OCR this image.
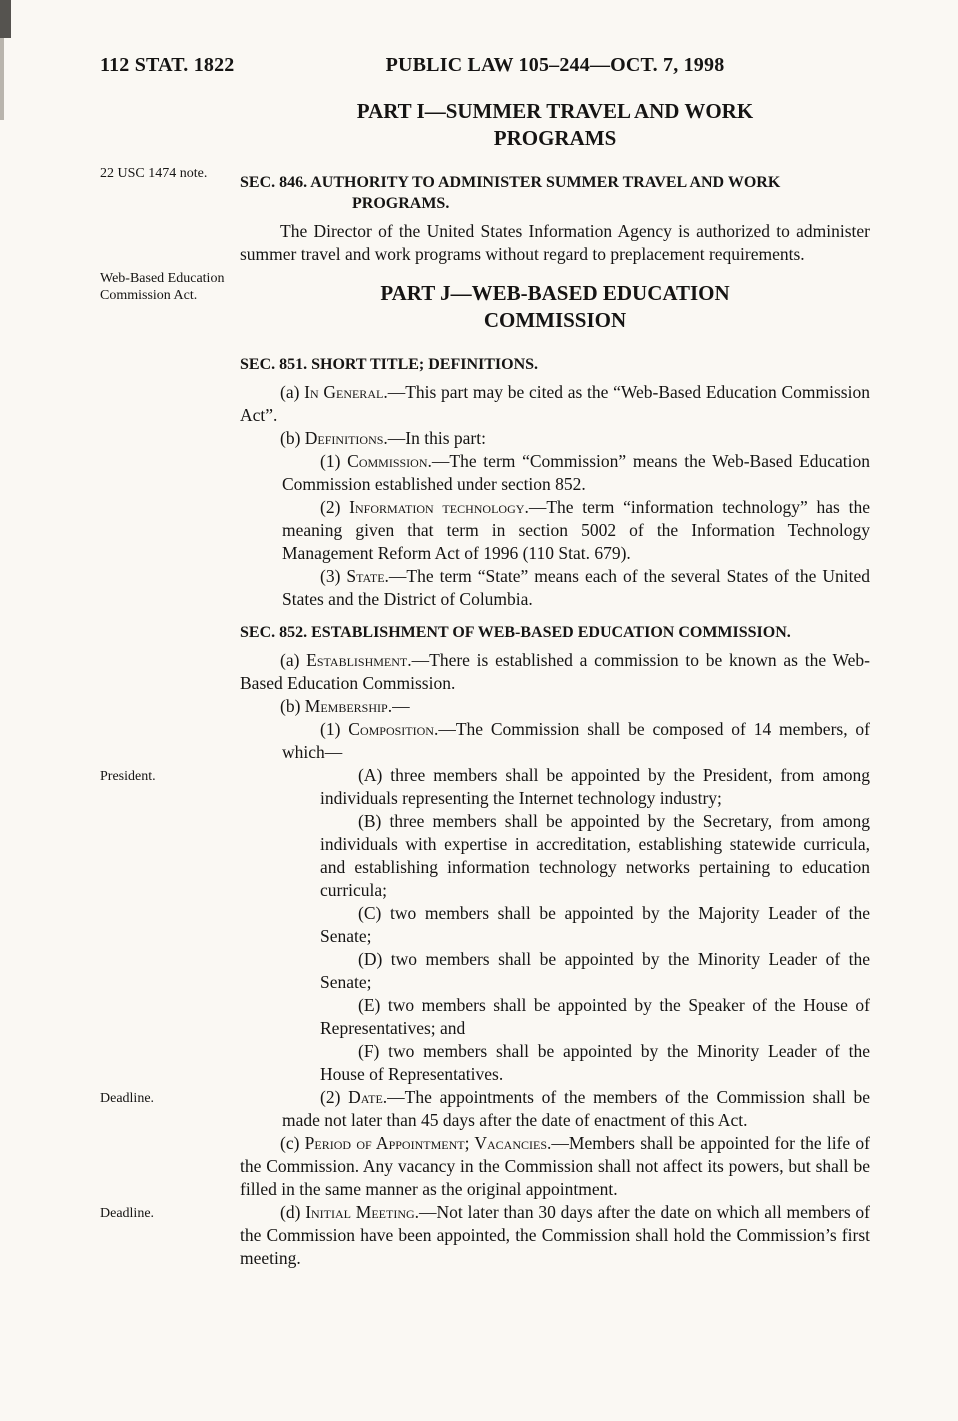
112 STAT. 1822	PUBLIC LAW 105–244—OCT. 7, 1998
PART I—SUMMER TRAVEL AND WORK
PROGRAMS
22 USC 1474 note.
SEC. 846. AUTHORITY TO ADMINISTER SUMMER TRAVEL AND WORK
PROGRAMS.
The Director of the United States Information Agency is authorized to administer summer travel and work programs without regard to preplacement requirements.
Web-Based Education Commission Act.	PART J—WEB-BASED EDUCATION
COMMISSION
SEC. 851. SHORT TITLE; DEFINITIONS.
(a) In General.—This part may be cited as the “Web-Based Education Commission Act”.
(b) Definitions.—In this part:
(1) Commission.—The term “Commission” means the Web-Based Education Commission established under section 852.
(2) Information technology.—The term “information technology” has the meaning given that term in section 5002 of the Information Technology Management Reform Act of 1996 (110 Stat. 679).
(3) State.—The term “State” means each of the several States of the United States and the District of Columbia.
SEC. 852. ESTABLISHMENT OF WEB-BASED EDUCATION COMMISSION.
(a) Establishment.—There is established a commission to be known as the Web-Based Education Commission.
(b) Membership.—
(1) Composition.—The Commission shall be composed of 14 members, of which—
President.	(A) three members shall be appointed by the President, from among individuals representing the Internet technology industry;
(B) three members shall be appointed by the Secretary, from among individuals with expertise in accreditation, establishing statewide curricula, and establishing information technology networks pertaining to education curricula;
(C) two members shall be appointed by the Majority Leader of the Senate;
(D) two members shall be appointed by the Minority Leader of the Senate;
(E) two members shall be appointed by the Speaker of the House of Representatives; and
(F) two members shall be appointed by the Minority Leader of the House of Representatives.
Deadline.	(2) Date.—The appointments of the members of the Commission shall be made not later than 45 days after the date of enactment of this Act.
(c) Period of Appointment; Vacancies.—Members shall be appointed for the life of the Commission. Any vacancy in the Commission shall not affect its powers, but shall be filled in the same manner as the original appointment.
Deadline.	(d) Initial Meeting.—Not later than 30 days after the date on which all members of the Commission have been appointed, the Commission shall hold the Commission’s first meeting.
